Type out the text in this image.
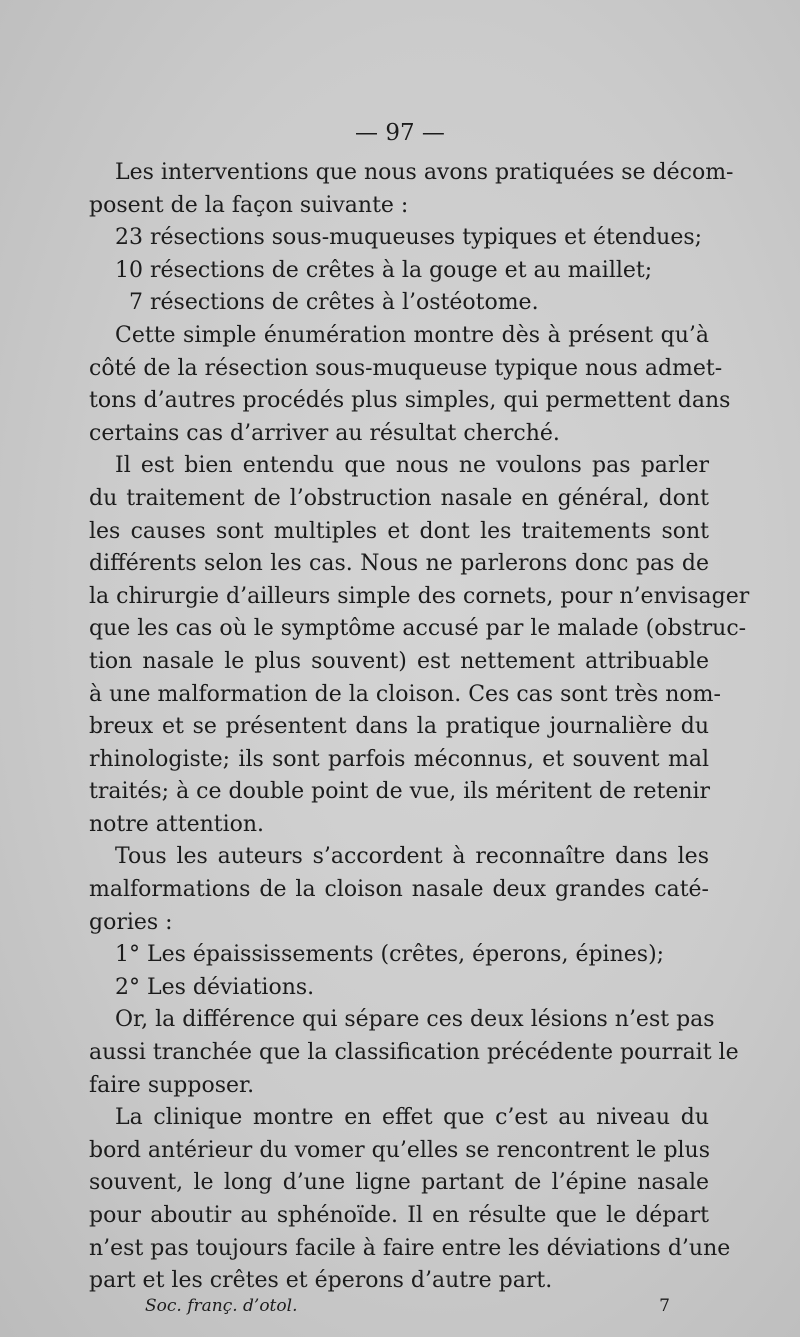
— 97 —
Les interventions que nous avons pratiquées se décom-
posent de la façon suivante :
23 résections sous-muqueuses typiques et étendues;
10 résections de crêtes à la gouge et au maillet;
7 résections de crêtes à l’ostéotome.
Cette simple énumération montre dès à présent qu’à
côté de la résection sous-muqueuse typique nous admet-
tons d’autres procédés plus simples, qui permettent dans
certains cas d’arriver au résultat cherché.
Il est bien entendu que nous ne voulons pas parler
du traitement de l’obstruction nasale en général, dont
les causes sont multiples et dont les traitements sont
différents selon les cas. Nous ne parlerons donc pas de
la chirurgie d’ailleurs simple des cornets, pour n’envisager
que les cas où le symptôme accusé par le malade (obstruc-
tion nasale le plus souvent) est nettement attribuable
à une malformation de la cloison. Ces cas sont très nom-
breux et se présentent dans la pratique journalière du
rhinologiste; ils sont parfois méconnus, et souvent mal
traités; à ce double point de vue, ils méritent de retenir
notre attention.
Tous les auteurs s’accordent à reconnaître dans les
malformations de la cloison nasale deux grandes caté-
gories :
1° Les épaississements (crêtes, éperons, épines);
2° Les déviations.
Or, la différence qui sépare ces deux lésions n’est pas
aussi tranchée que la classification précédente pourrait le
faire supposer.
La clinique montre en effet que c’est au niveau du
bord antérieur du vomer qu’elles se rencontrent le plus
souvent, le long d’une ligne partant de l’épine nasale
pour aboutir au sphénoïde. Il en résulte que le départ
n’est pas toujours facile à faire entre les déviations d’une
part et les crêtes et éperons d’autre part.
Soc. franç. d’otol.	7
